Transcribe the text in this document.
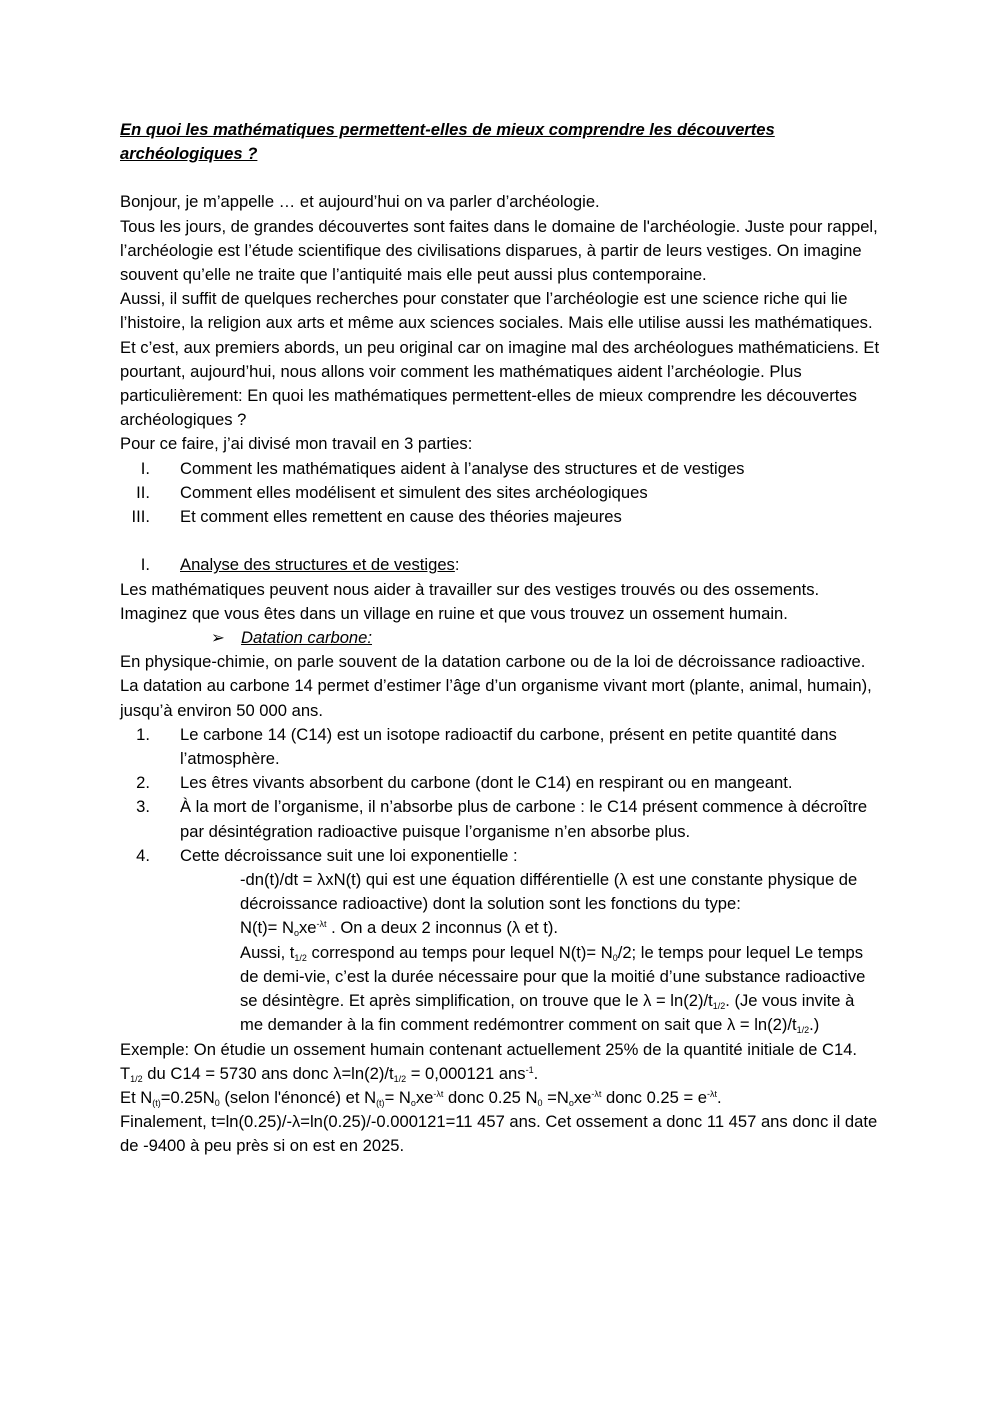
En quoi les mathématiques permettent-elles de mieux comprendre les découvertes archéologiques ?

Bonjour, je m’appelle … et aujourd’hui on va parler d’archéologie.

Tous les jours, de grandes découvertes sont faites dans le domaine de l'archéologie. Juste pour rappel, l’archéologie est l’étude scientifique des civilisations disparues, à partir de leurs vestiges. On imagine souvent qu’elle ne traite que l’antiquité mais elle peut aussi plus contemporaine.

Aussi, il suffit de quelques recherches pour constater que l’archéologie est une science riche qui lie l’histoire, la religion aux arts et même aux sciences sociales. Mais elle utilise aussi les mathématiques.

Et c’est, aux premiers abords, un peu original car on imagine mal des archéologues mathématiciens. Et pourtant, aujourd’hui, nous allons voir comment les mathématiques aident l’archéologie. Plus particulièrement: En quoi les mathématiques permettent-elles de mieux comprendre les découvertes archéologiques ?

Pour ce faire, j’ai divisé mon travail en 3 parties:

I. Comment les mathématiques aident à l’analyse des structures et de vestiges
II. Comment elles modélisent et simulent des sites archéologiques
III. Et comment elles remettent en cause des théories majeures
I. Analyse des structures et de vestiges:

Les mathématiques peuvent nous aider à travailler sur des vestiges trouvés ou des ossements. Imaginez que vous êtes dans un village en ruine et que vous trouvez un ossement humain.

➢ Datation carbone:

En physique-chimie, on parle souvent de la datation carbone ou de la loi de décroissance radioactive. La datation au carbone 14 permet d’estimer l’âge d’un organisme vivant mort (plante, animal, humain), jusqu’à environ 50 000 ans.

1. Le carbone 14 (C14) est un isotope radioactif du carbone, présent en petite quantité dans l’atmosphère.
2. Les êtres vivants absorbent du carbone (dont le C14) en respirant ou en mangeant.
3. À la mort de l’organisme, il n’absorbe plus de carbone : le C14 présent commence à décroître par désintégration radioactive puisque l’organisme n’en absorbe plus.
4. Cette décroissance suit une loi exponentielle :

-dn(t)/dt = λxN(t) qui est une équation différentielle (λ est une constante physique de décroissance radioactive) dont la solution sont les fonctions du type:

$N(t)= N_oxe^{-\lambda t}$ . On a deux 2 inconnus (λ et t).

Aussi, $t_{1/2}$ correspond au temps pour lequel $N(t)= N_0/2$; le temps pour lequel Le temps de demi-vie, c’est la durée nécessaire pour que la moitié d’une substance radioactive se désintègre. Et après simplification, on trouve que le $\lambda = \ln(2)/t_{1/2}$. (Je vous invite à me demander à la fin comment redémontrer comment on sait que $\lambda = \ln(2)/t_{1/2}$.)

Exemple: On étudie un ossement humain contenant actuellement 25% de la quantité initiale de C14. $T_{1/2}$ du C14 = 5730 ans donc $\lambda=\ln(2)/t_{1/2} = 0,000121$ ans$^{-1}$.

Et $N_{(t)}=0.25N_0$ (selon l'énoncé) et $N_{(t)}= N_oxe^{-\lambda t}$ donc 0.25 $N_0 =N_oxe^{-\lambda t}$ donc $0.25 = e^{-\lambda t}$.

Finalement, t=ln(0.25)/-λ=ln(0.25)/-0.000121=11 457 ans. Cet ossement a donc 11 457 ans donc il date de -9400 à peu près si on est en 2025.
